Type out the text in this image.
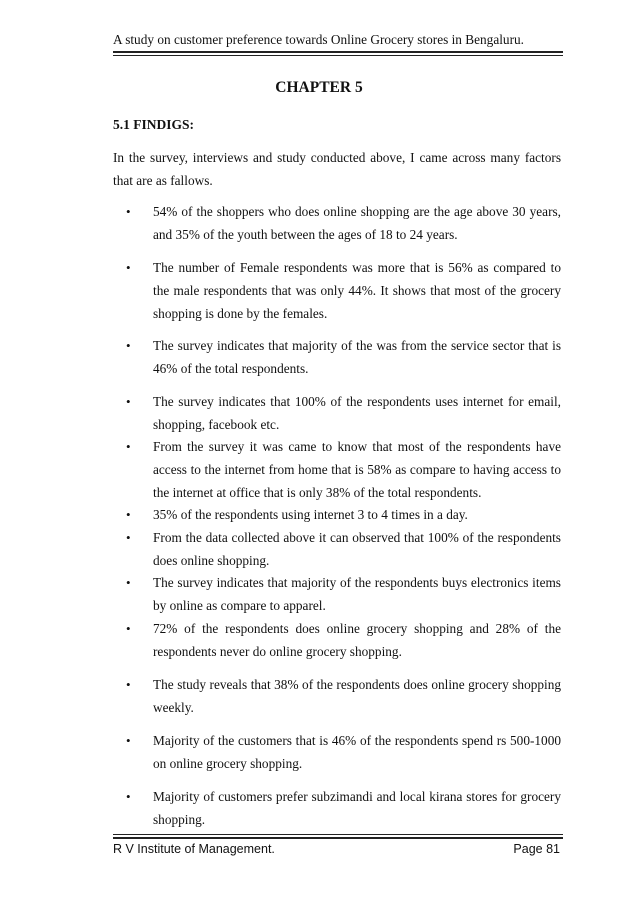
A study on customer preference towards Online Grocery stores in Bengaluru.
CHAPTER 5
5.1 FINDIGS:
In the survey, interviews and study conducted above, I came across many factors that are as fallows.
• 54% of the shoppers who does online shopping are the age above 30 years, and 35% of the youth between the ages of 18 to 24 years.
• The number of Female respondents was more that is 56% as compared to the male respondents that was only 44%. It shows that most of the grocery shopping is done by the females.
• The survey indicates that majority of the was from the service sector that is 46% of the total respondents.
• The survey indicates that 100% of the respondents uses internet for email, shopping, facebook etc.
• From the survey it was came to know that most of the respondents have access to the internet from home that is 58% as compare to having access to the internet at office that is only 38% of the total respondents.
• 35% of the respondents using internet 3 to 4 times in a day.
• From the data collected above it can observed that 100% of the respondents does online shopping.
• The survey indicates that majority of the respondents buys electronics items by online as compare to apparel.
• 72% of the respondents does online grocery shopping and 28% of the respondents never do online grocery shopping.
• The study reveals that 38% of the respondents does online grocery shopping weekly.
• Majority of the customers that is 46% of the respondents spend rs 500-1000 on online grocery shopping.
• Majority of customers prefer subzimandi and local kirana stores for grocery shopping.
R V Institute of Management.	Page 81
